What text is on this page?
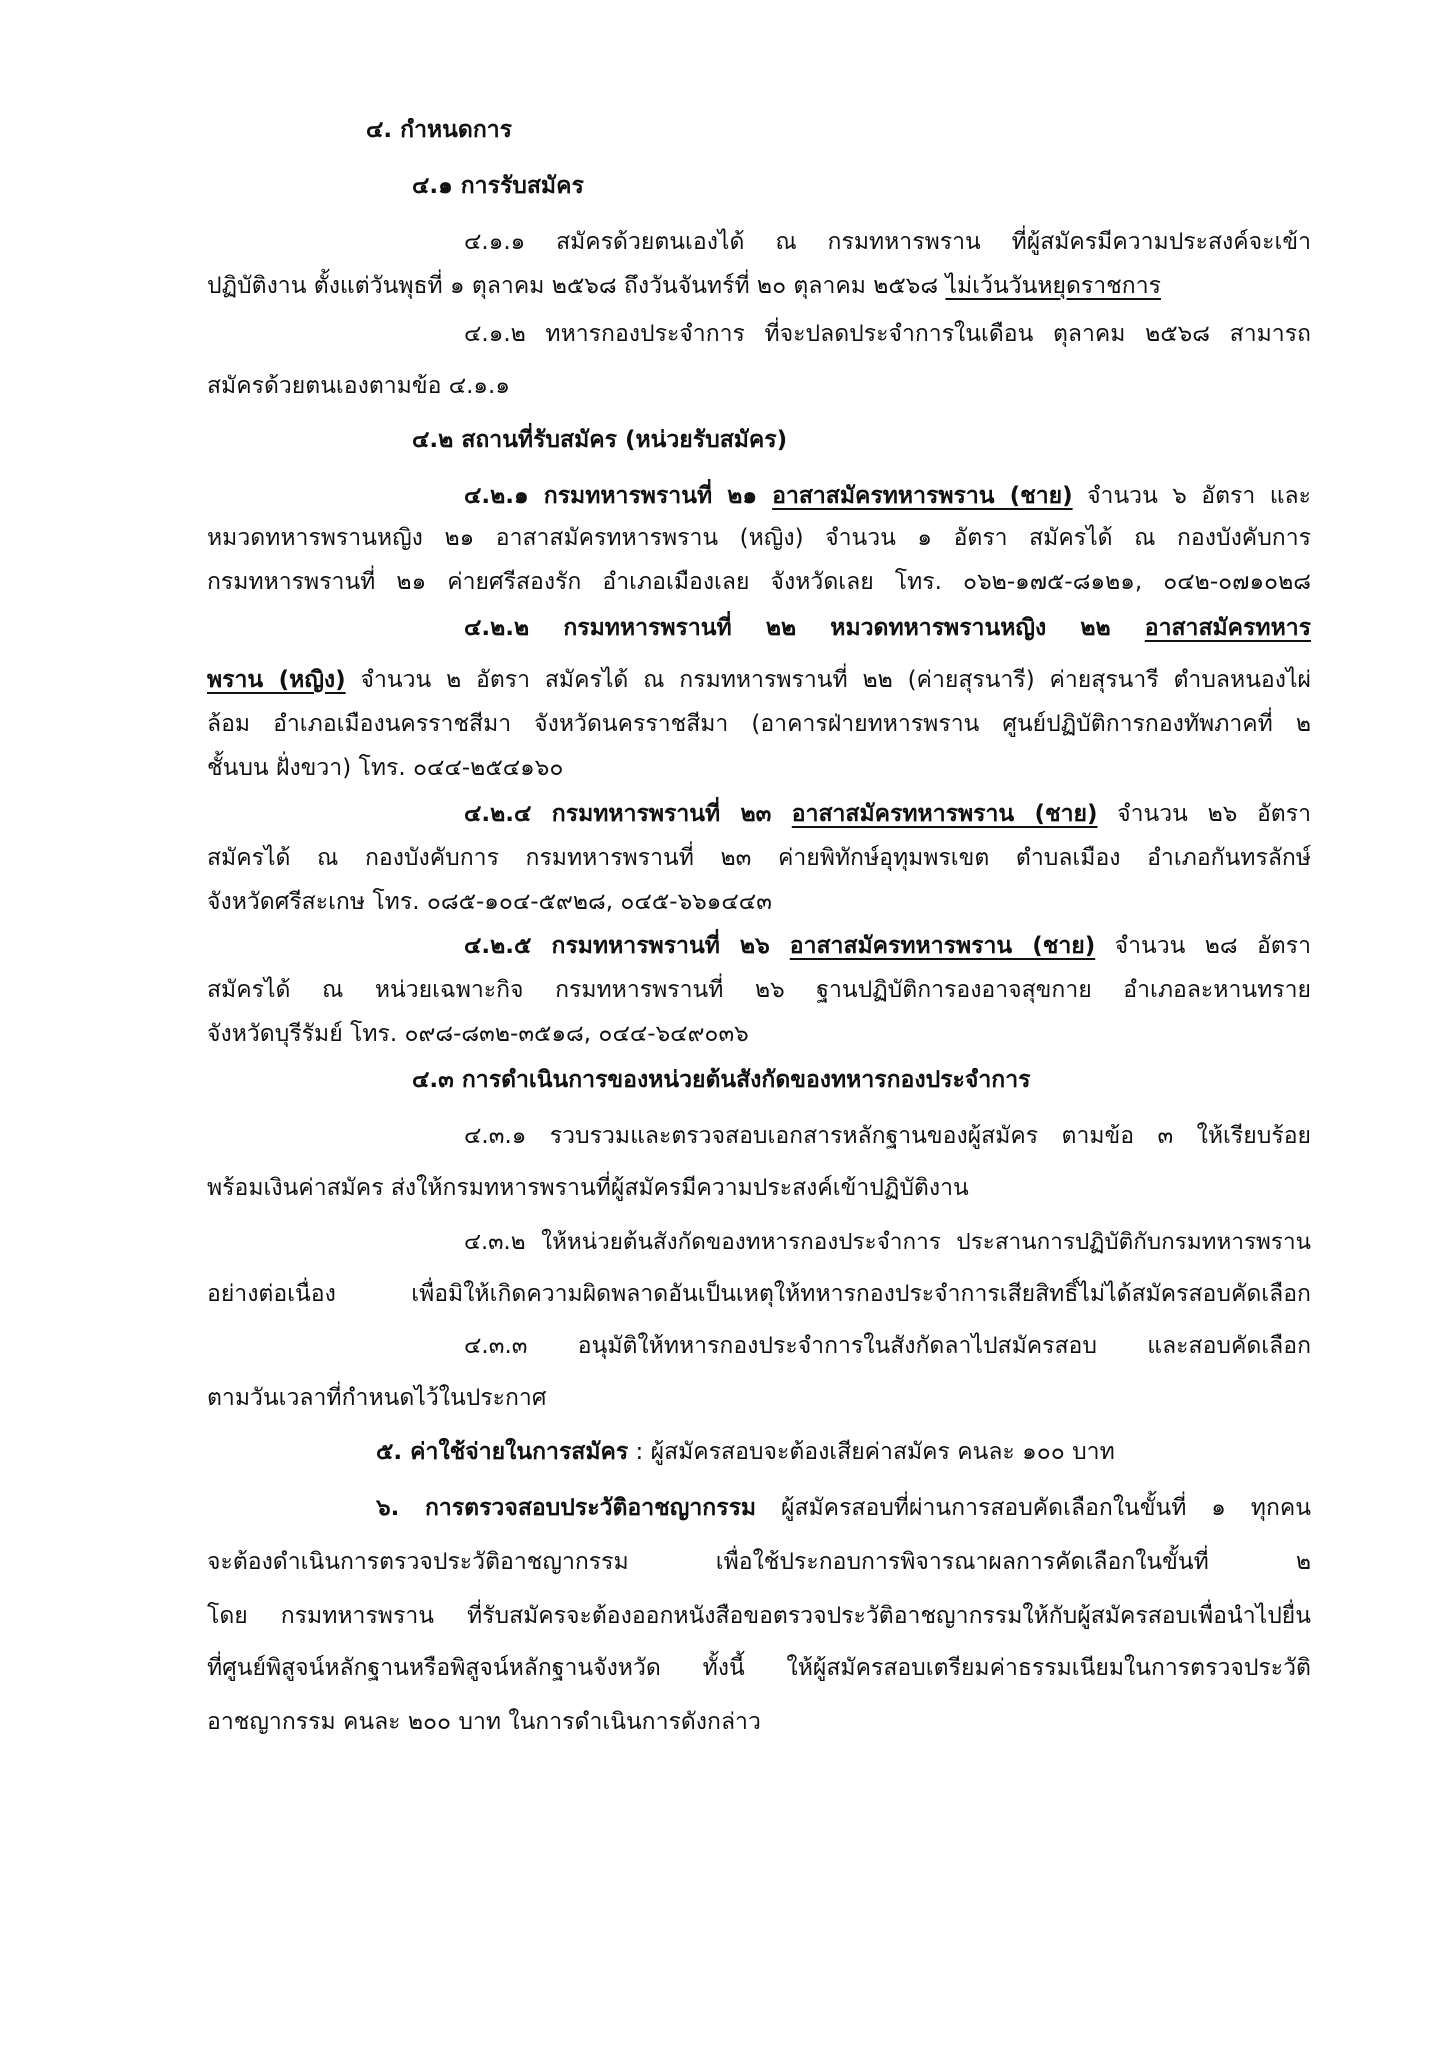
๔. กำหนดการ
๔.๑ การรับสมัคร
๔.๑.๑ สมัครด้วยตนเองได้ ณ กรมทหารพราน ที่ผู้สมัครมีความประสงค์จะเข้า
ปฏิบัติงาน ตั้งแต่วันพุธที่ ๑ ตุลาคม ๒๕๖๘ ถึงวันจันทร์ที่ ๒๐ ตุลาคม ๒๕๖๘ ไม่เว้นวันหยุดราชการ
๔.๑.๒ ทหารกองประจำการ ที่จะปลดประจำการในเดือน ตุลาคม ๒๕๖๘ สามารถ
สมัครด้วยตนเองตามข้อ ๔.๑.๑
๔.๒ สถานที่รับสมัคร (หน่วยรับสมัคร)
๔.๒.๑ กรมทหารพรานที่ ๒๑ อาสาสมัครทหารพราน (ชาย) จำนวน ๖ อัตรา และ
หมวดทหารพรานหญิง ๒๑ อาสาสมัครทหารพราน (หญิง) จำนวน ๑ อัตรา สมัครได้ ณ กองบังคับการ
กรมทหารพรานที่ ๒๑ ค่ายศรีสองรัก อำเภอเมืองเลย จังหวัดเลย โทร. ๐๖๒-๑๗๕-๘๑๒๑, ๐๔๒-๐๗๑๐๒๘
๔.๒.๒ กรมทหารพรานที่ ๒๒ หมวดทหารพรานหญิง ๒๒ อาสาสมัครทหาร
พราน (หญิง) จำนวน ๒ อัตรา สมัครได้ ณ กรมทหารพรานที่ ๒๒ (ค่ายสุรนารี) ค่ายสุรนารี ตำบลหนองไผ่
ล้อม อำเภอเมืองนครราชสีมา จังหวัดนครราชสีมา (อาคารฝ่ายทหารพราน ศูนย์ปฏิบัติการกองทัพภาคที่ ๒
ชั้นบน ฝั่งขวา) โทร. ๐๔๔-๒๕๔๑๖๐
๔.๒.๔ กรมทหารพรานที่ ๒๓ อาสาสมัครทหารพราน (ชาย) จำนวน ๒๖ อัตรา
สมัครได้ ณ กองบังคับการ กรมทหารพรานที่ ๒๓ ค่ายพิทักษ์อุทุมพรเขต ตำบลเมือง อำเภอกันทรลักษ์
จังหวัดศรีสะเกษ โทร. ๐๘๕-๑๐๔-๕๙๒๘, ๐๔๕-๖๖๑๔๔๓
๔.๒.๕ กรมทหารพรานที่ ๒๖ อาสาสมัครทหารพราน (ชาย) จำนวน ๒๘ อัตรา
สมัครได้ ณ หน่วยเฉพาะกิจ กรมทหารพรานที่ ๒๖ ฐานปฏิบัติการองอาจสุขกาย อำเภอละหานทราย
จังหวัดบุรีรัมย์ โทร. ๐๙๘-๘๓๒-๓๕๑๘, ๐๔๔-๖๔๙๐๓๖
๔.๓ การดำเนินการของหน่วยต้นสังกัดของทหารกองประจำการ
๔.๓.๑ รวบรวมและตรวจสอบเอกสารหลักฐานของผู้สมัคร ตามข้อ ๓ ให้เรียบร้อย
พร้อมเงินค่าสมัคร ส่งให้กรมทหารพรานที่ผู้สมัครมีความประสงค์เข้าปฏิบัติงาน
๔.๓.๒ ให้หน่วยต้นสังกัดของทหารกองประจำการ ประสานการปฏิบัติกับกรมทหารพราน
อย่างต่อเนื่อง เพื่อมิให้เกิดความผิดพลาดอันเป็นเหตุให้ทหารกองประจำการเสียสิทธิ์ไม่ได้สมัครสอบคัดเลือก
๔.๓.๓ อนุมัติให้ทหารกองประจำการในสังกัดลาไปสมัครสอบ และสอบคัดเลือก
ตามวันเวลาที่กำหนดไว้ในประกาศ
๕. ค่าใช้จ่ายในการสมัคร : ผู้สมัครสอบจะต้องเสียค่าสมัคร คนละ ๑๐๐ บาท
๖. การตรวจสอบประวัติอาชญากรรม ผู้สมัครสอบที่ผ่านการสอบคัดเลือกในขั้นที่ ๑ ทุกคน
จะต้องดำเนินการตรวจประวัติอาชญากรรม เพื่อใช้ประกอบการพิจารณาผลการคัดเลือกในขั้นที่ ๒
โดย กรมทหารพราน ที่รับสมัครจะต้องออกหนังสือขอตรวจประวัติอาชญากรรมให้กับผู้สมัครสอบเพื่อนำไปยื่น
ที่ศูนย์พิสูจน์หลักฐานหรือพิสูจน์หลักฐานจังหวัด ทั้งนี้ ให้ผู้สมัครสอบเตรียมค่าธรรมเนียมในการตรวจประวัติ
อาชญากรรม คนละ ๒๐๐ บาท ในการดำเนินการดังกล่าว
